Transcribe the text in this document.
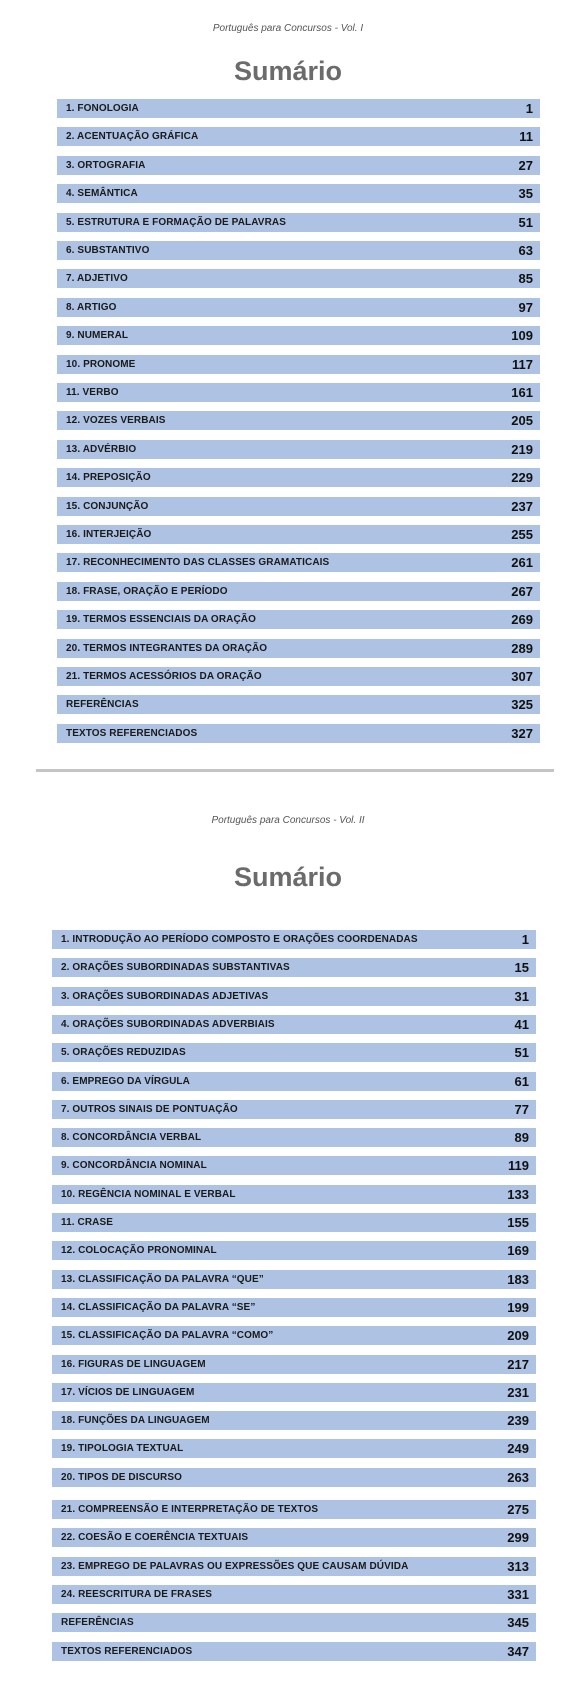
Português para Concursos - Vol. I
Sumário
1. FONOLOGIA	1
2. ACENTUAÇÃO GRÁFICA	11
3. ORTOGRAFIA	27
4. SEMÂNTICA	35
5. ESTRUTURA E FORMAÇÃO DE PALAVRAS	51
6. SUBSTANTIVO	63
7. ADJETIVO	85
8. ARTIGO	97
9. NUMERAL	109
10. PRONOME	117
11. VERBO	161
12. VOZES VERBAIS	205
13. ADVÉRBIO	219
14. PREPOSIÇÃO	229
15. CONJUNÇÃO	237
16. INTERJEIÇÃO	255
17. RECONHECIMENTO DAS CLASSES GRAMATICAIS	261
18. FRASE, ORAÇÃO E PERÍODO	267
19. TERMOS ESSENCIAIS DA ORAÇÃO	269
20. TERMOS INTEGRANTES DA ORAÇÃO	289
21. TERMOS ACESSÓRIOS DA ORAÇÃO	307
REFERÊNCIAS	325
TEXTOS REFERENCIADOS	327
Português para Concursos - Vol. II
Sumário
1. INTRODUÇÃO AO PERÍODO COMPOSTO E ORAÇÕES COORDENADAS	1
2. ORAÇÕES SUBORDINADAS SUBSTANTIVAS	15
3. ORAÇÕES SUBORDINADAS ADJETIVAS	31
4. ORAÇÕES SUBORDINADAS ADVERBIAIS	41
5. ORAÇÕES REDUZIDAS	51
6. EMPREGO DA VÍRGULA	61
7. OUTROS SINAIS DE PONTUAÇÃO	77
8. CONCORDÂNCIA VERBAL	89
9. CONCORDÂNCIA NOMINAL	119
10. REGÊNCIA NOMINAL E VERBAL	133
11. CRASE	155
12. COLOCAÇÃO PRONOMINAL	169
13. CLASSIFICAÇÃO DA PALAVRA “QUE”	183
14. CLASSIFICAÇÃO DA PALAVRA “SE”	199
15. CLASSIFICAÇÃO DA PALAVRA “COMO”	209
16. FIGURAS DE LINGUAGEM	217
17. VÍCIOS DE LINGUAGEM	231
18. FUNÇÕES DA LINGUAGEM	239
19. TIPOLOGIA TEXTUAL	249
20. TIPOS DE DISCURSO	263
21. COMPREENSÃO E INTERPRETAÇÃO DE TEXTOS	275
22. COESÃO E COERÊNCIA TEXTUAIS	299
23. EMPREGO DE PALAVRAS OU EXPRESSÕES QUE CAUSAM DÚVIDA	313
24. REESCRITURA DE FRASES	331
REFERÊNCIAS	345
TEXTOS REFERENCIADOS	347
